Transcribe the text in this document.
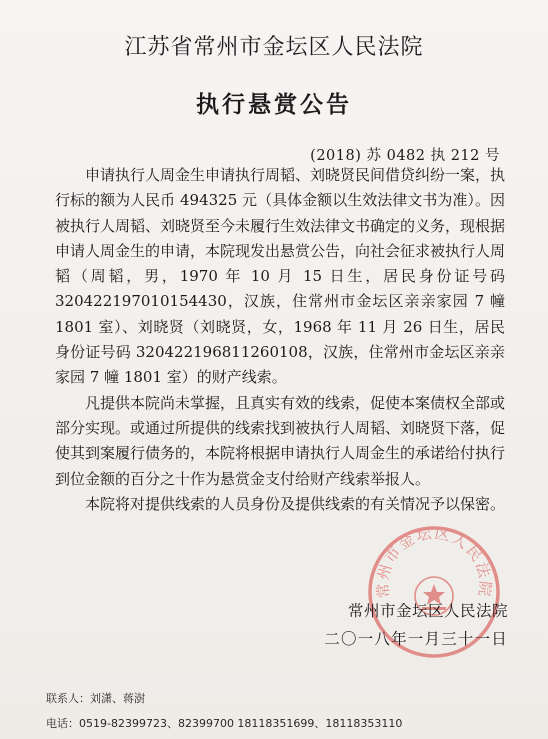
江苏省常州市金坛区人民法院
执行悬赏公告
(2018) 苏 0482 执 212 号

申请执行人周金生申请执行周韬、刘晓贤民间借贷纠纷一案，执行标的额为人民币 494325 元（具体金额以生效法律文书为准）。因被执行人周韬、刘晓贤至今未履行生效法律文书确定的义务，现根据申请人周金生的申请，本院现发出悬赏公告，向社会征求被执行人周韬（周韬，男，1970 年 10 月 15 日生，居民身份证号码 320422197010154430，汉族，住常州市金坛区亲亲家园 7 幢 1801 室）、刘晓贤（刘晓贤，女，1968 年 11 月 26 日生，居民身份证号码 320422196811260108，汉族，住常州市金坛区亲亲家园 7 幢 1801 室）的财产线索。

凡提供本院尚未掌握，且真实有效的线索，促使本案债权全部或部分实现。或通过所提供的线索找到被执行人周韬、刘晓贤下落，促使其到案履行债务的，本院将根据申请执行人周金生的承诺给付执行到位金额的百分之十作为悬赏金支付给财产线索举报人。

本院将对提供线索的人员身份及提供线索的有关情况予以保密。

常州市金坛区人民法院
常州市金坛区人民法院
二〇一八年一月三十一日
联系人：刘潇、蒋澍
电话：0519-82399723、82399700 18118351699、18118353110
